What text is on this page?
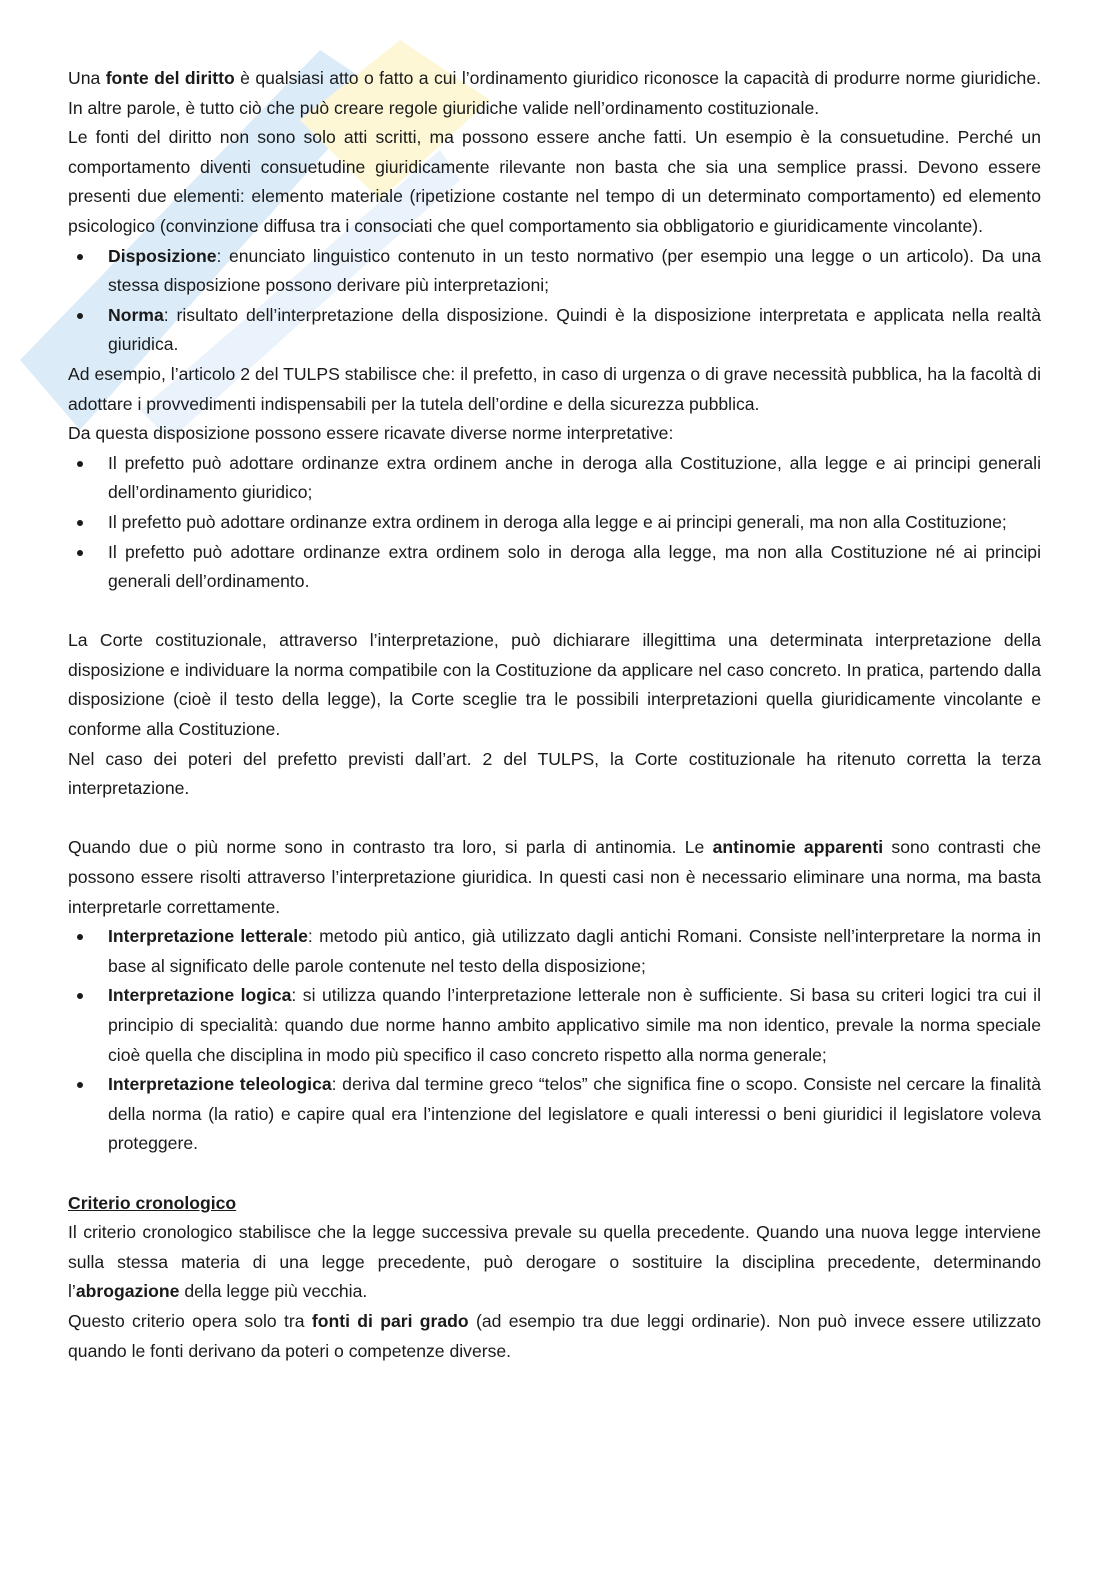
Una fonte del diritto è qualsiasi atto o fatto a cui l’ordinamento giuridico riconosce la capacità di produrre norme giuridiche. In altre parole, è tutto ciò che può creare regole giuridiche valide nell’ordinamento costituzionale.

Le fonti del diritto non sono solo atti scritti, ma possono essere anche fatti. Un esempio è la consuetudine. Perché un comportamento diventi consuetudine giuridicamente rilevante non basta che sia una semplice prassi. Devono essere presenti due elementi: elemento materiale (ripetizione costante nel tempo di un determinato comportamento) ed elemento psicologico (convinzione diffusa tra i consociati che quel comportamento sia obbligatorio e giuridicamente vincolante).

Disposizione: enunciato linguistico contenuto in un testo normativo (per esempio una legge o un articolo). Da una stessa disposizione possono derivare più interpretazioni;
Norma: risultato dell’interpretazione della disposizione. Quindi è la disposizione interpretata e applicata nella realtà giuridica.

Ad esempio, l’articolo 2 del TULPS stabilisce che: il prefetto, in caso di urgenza o di grave necessità pubblica, ha la facoltà di adottare i provvedimenti indispensabili per la tutela dell’ordine e della sicurezza pubblica.

Da questa disposizione possono essere ricavate diverse norme interpretative:

Il prefetto può adottare ordinanze extra ordinem anche in deroga alla Costituzione, alla legge e ai principi generali dell’ordinamento giuridico;
Il prefetto può adottare ordinanze extra ordinem in deroga alla legge e ai principi generali, ma non alla Costituzione;
Il prefetto può adottare ordinanze extra ordinem solo in deroga alla legge, ma non alla Costituzione né ai principi generali dell’ordinamento.

La Corte costituzionale, attraverso l’interpretazione, può dichiarare illegittima una determinata interpretazione della disposizione e individuare la norma compatibile con la Costituzione da applicare nel caso concreto. In pratica, partendo dalla disposizione (cioè il testo della legge), la Corte sceglie tra le possibili interpretazioni quella giuridicamente vincolante e conforme alla Costituzione.

Nel caso dei poteri del prefetto previsti dall’art. 2 del TULPS, la Corte costituzionale ha ritenuto corretta la terza interpretazione.

Quando due o più norme sono in contrasto tra loro, si parla di antinomia. Le antinomie apparenti sono contrasti che possono essere risolti attraverso l’interpretazione giuridica. In questi casi non è necessario eliminare una norma, ma basta interpretarle correttamente.

Interpretazione letterale: metodo più antico, già utilizzato dagli antichi Romani. Consiste nell’interpretare la norma in base al significato delle parole contenute nel testo della disposizione;
Interpretazione logica: si utilizza quando l’interpretazione letterale non è sufficiente. Si basa su criteri logici tra cui il principio di specialità: quando due norme hanno ambito applicativo simile ma non identico, prevale la norma speciale cioè quella che disciplina in modo più specifico il caso concreto rispetto alla norma generale;
Interpretazione teleologica: deriva dal termine greco “telos” che significa fine o scopo. Consiste nel cercare la finalità della norma (la ratio) e capire qual era l’intenzione del legislatore e quali interessi o beni giuridici il legislatore voleva proteggere.
Criterio cronologico

Il criterio cronologico stabilisce che la legge successiva prevale su quella precedente. Quando una nuova legge interviene sulla stessa materia di una legge precedente, può derogare o sostituire la disciplina precedente, determinando l’abrogazione della legge più vecchia.

Questo criterio opera solo tra fonti di pari grado (ad esempio tra due leggi ordinarie). Non può invece essere utilizzato quando le fonti derivano da poteri o competenze diverse.
